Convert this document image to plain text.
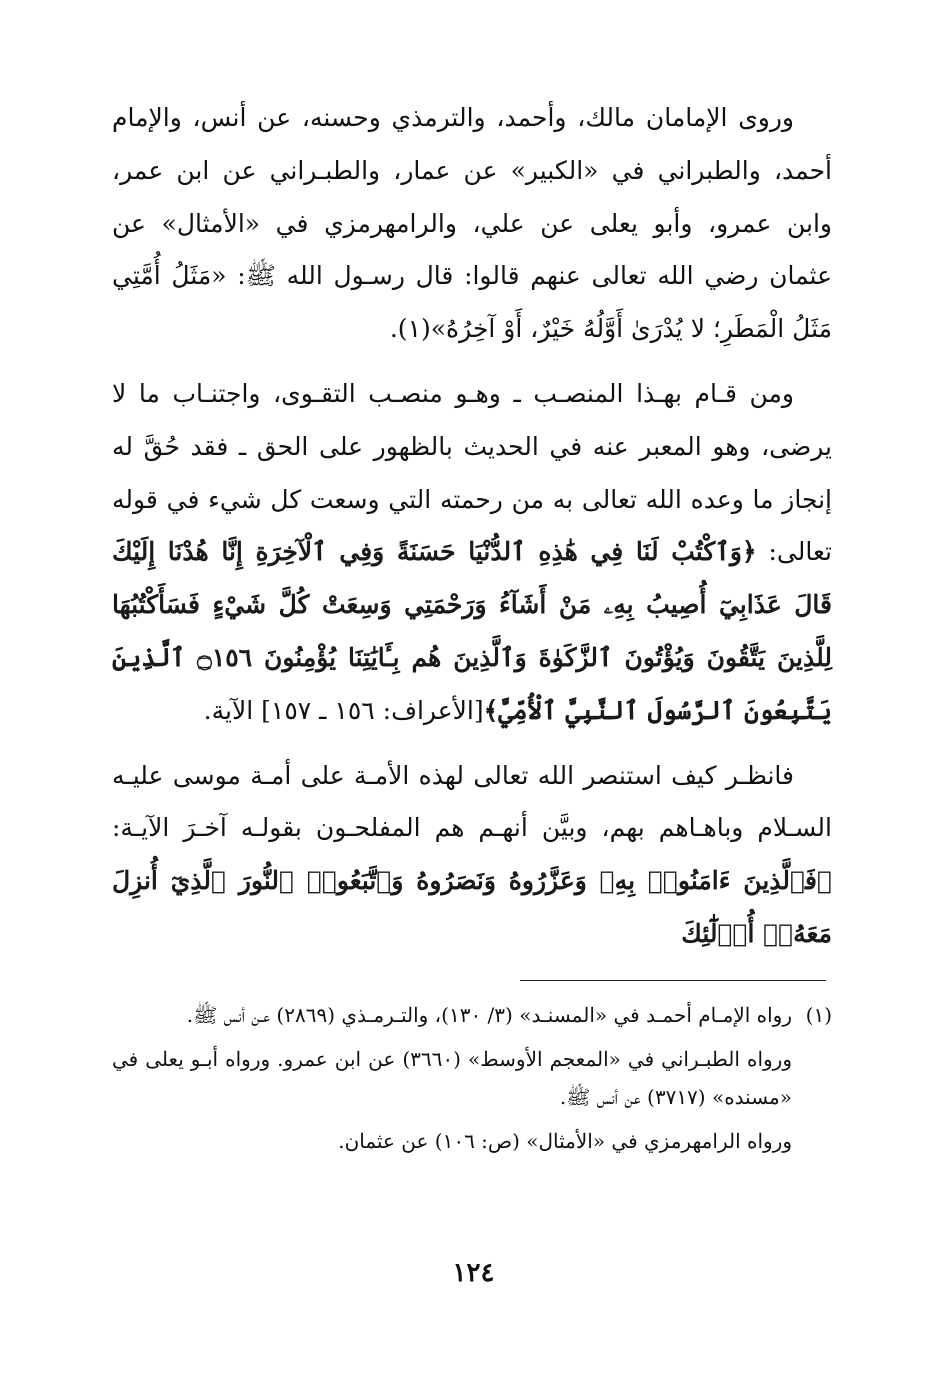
وروى الإمامان مالك، وأحمد، والترمذي وحسنه، عن أنس، والإمام أحمد، والطبراني في «الكبير» عن عمار، والطبـراني عن ابن عمر، وابن عمرو، وأبو يعلى عن علي، والرامهرمزي في «الأمثال» عن عثمان رضي الله تعالى عنهم قالوا: قال رسـول الله ﷺ: «مَثَلُ أُمَّتِي مَثَلُ الْمَطَرِ؛ لا يُدْرَىٰ أَوَّلُهُ خَيْرٌ، أَوْ آخِرُهُ»(١).

ومن قـام بهـذا المنصـب ـ وهـو منصـب التقـوى، واجتنـاب ما لا يرضى، وهو المعبر عنه في الحديث بالظهور على الحق ـ فقد حُقَّ له إنجاز ما وعده الله تعالى به من رحمته التي وسعت كل شيء في قوله تعالى: ﴿وَٱكْتُبْ لَنَا فِي هَٰذِهِ ٱلدُّنْيَا حَسَنَةً وَفِي ٱلْآخِرَةِ إِنَّا هُدْنَا إِلَيْكَ قَالَ عَذَابِيٓ أُصِيبُ بِهِۦ مَنْ أَشَآءُ وَرَحْمَتِي وَسِعَتْ كُلَّ شَيْءٍ فَسَأَكْتُبُهَا لِلَّذِينَ يَتَّقُونَ وَيُؤْتُونَ ٱلزَّكَوٰةَ وَٱلَّذِينَ هُم بِـَٔايَٰتِنَا يُؤْمِنُونَ ۝١٥٦ ٱلَّذِينَ يَتَّبِعُونَ ٱلرَّسُولَ ٱلنَّبِيَّ ٱلْأُمِّيَّ﴾[الأعراف: ١٥٦ ـ ١٥٧] الآية.

فانظـر كيف استنصر الله تعالى لهذه الأمـة على أمـة موسى عليـه السـلام وباهـاهم بهم، وبيَّن أنهـم هم المفلحـون بقولـه آخـرَ الآيـة: ﴿فَٱلَّذِينَ ءَامَنُوا۟ بِهِۦ وَعَزَّرُوهُ وَنَصَرُوهُ وَٱتَّبَعُوا۟ ٱلنُّورَ ٱلَّذِيٓ أُنزِلَ مَعَهُۥٓ أُو۟لَٰٓئِكَ

(١)رواه الإمـام أحمـد في «المسنـد» (٣/ ١٣٠)، والتـرمـذي (٢٨٦٩) عـن أنس ﷺ.

ورواه الطبـراني في «المعجم الأوسط» (٣٦٦٠) عن ابن عمرو. ورواه أبـو يعلى في «مسنده» (٣٧١٧) عن أنس ﷺ.

ورواه الرامهرمزي في «الأمثال» (ص: ١٠٦) عن عثمان.

١٢٤
